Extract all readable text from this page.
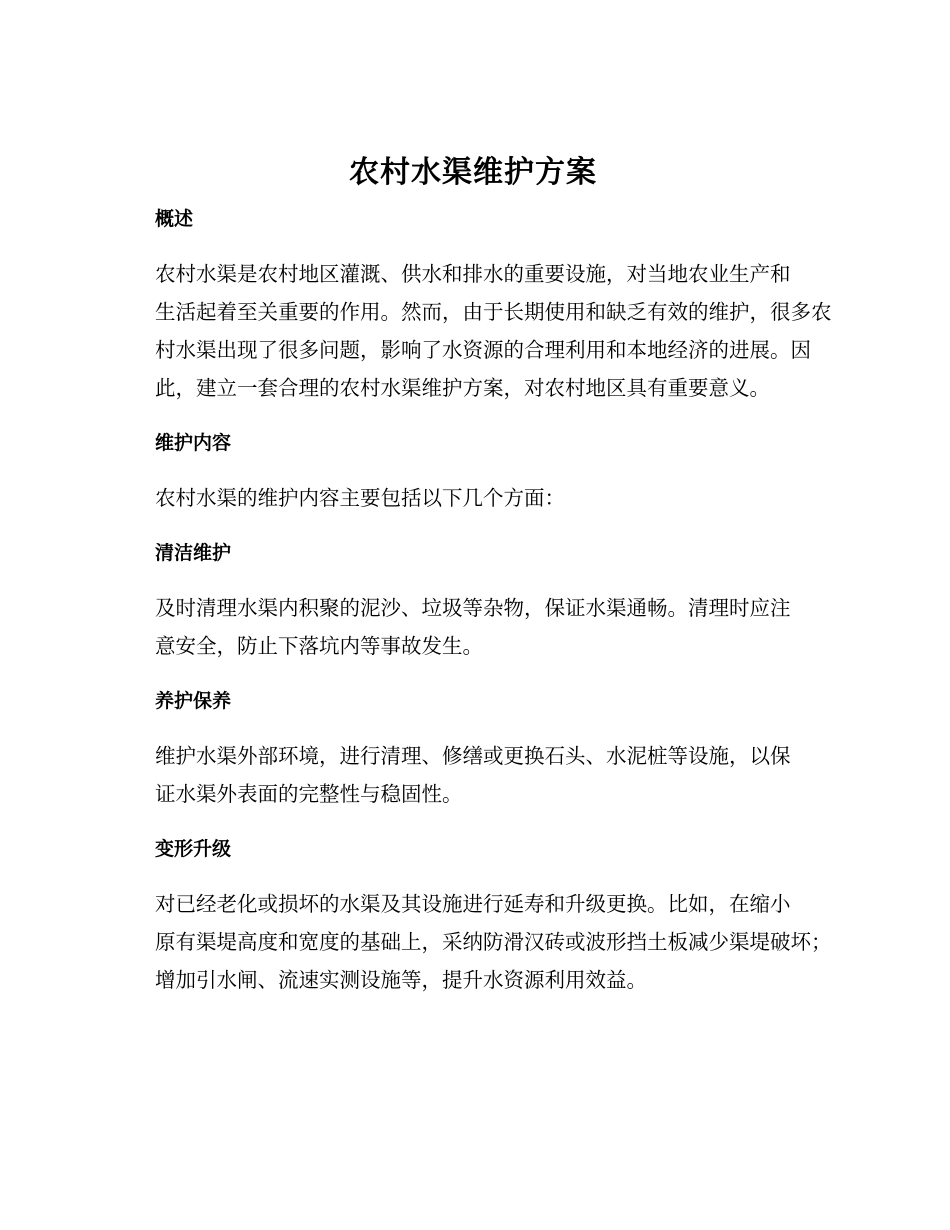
农村水渠维护方案
概述

农村水渠是农村地区灌溉、供水和排水的重要设施，对当地农业生产和
生活起着至关重要的作用。然而，由于长期使用和缺乏有效的维护，很多农
村水渠出现了很多问题，影响了水资源的合理利用和本地经济的进展。因
此，建立一套合理的农村水渠维护方案，对农村地区具有重要意义。

维护内容

农村水渠的维护内容主要包括以下几个方面：

清洁维护

及时清理水渠内积聚的泥沙、垃圾等杂物，保证水渠通畅。清理时应注
意安全，防止下落坑内等事故发生。

养护保养

维护水渠外部环境，进行清理、修缮或更换石头、水泥桩等设施，以保
证水渠外表面的完整性与稳固性。

变形升级

对已经老化或损坏的水渠及其设施进行延寿和升级更换。比如，在缩小
原有渠堤高度和宽度的基础上，采纳防滑汉砖或波形挡土板减少渠堤破坏；
增加引水闸、流速实测设施等，提升水资源利用效益。
